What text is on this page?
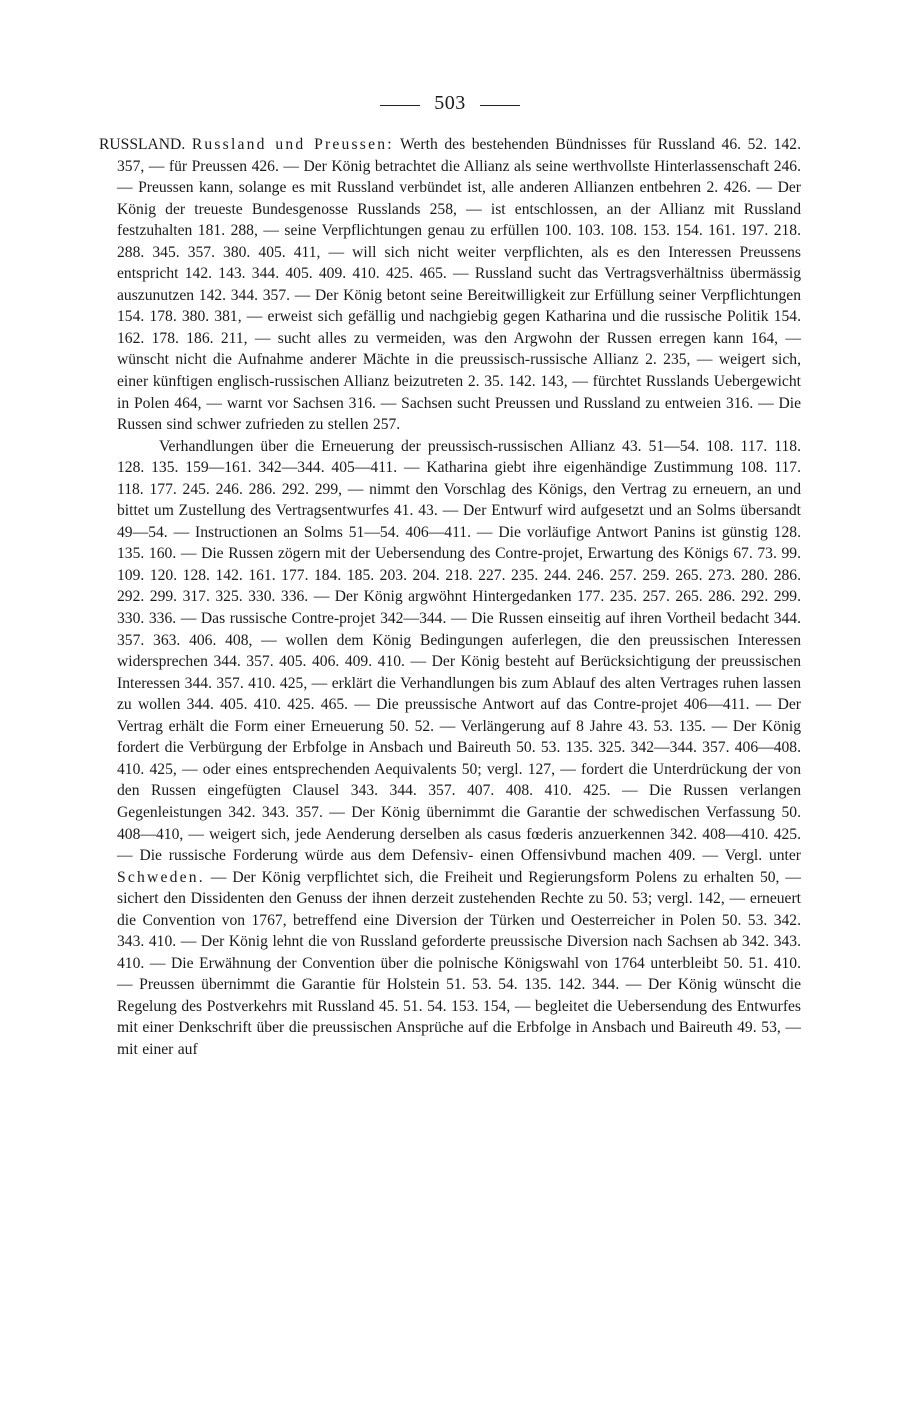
503

RUSSLAND. Russland und Preussen: Werth des bestehenden Bündnisses für Russland 46. 52. 142. 357, — für Preussen 426. — Der König betrachtet die Allianz als seine werthvollste Hinterlassenschaft 246. — Preussen kann, solange es mit Russland verbündet ist, alle anderen Allianzen entbehren 2. 426. — Der König der treueste Bundesgenosse Russlands 258, — ist entschlossen, an der Allianz mit Russland festzuhalten 181. 288, — seine Verpflichtungen genau zu erfüllen 100. 103. 108. 153. 154. 161. 197. 218. 288. 345. 357. 380. 405. 411, — will sich nicht weiter verpflichten, als es den Interessen Preussens entspricht 142. 143. 344. 405. 409. 410. 425. 465. — Russland sucht das Vertragsverhältniss übermässig auszunutzen 142. 344. 357. — Der König betont seine Bereitwilligkeit zur Erfüllung seiner Verpflichtungen 154. 178. 380. 381, — erweist sich gefällig und nachgiebig gegen Katharina und die russische Politik 154. 162. 178. 186. 211, — sucht alles zu vermeiden, was den Argwohn der Russen erregen kann 164, — wünscht nicht die Aufnahme anderer Mächte in die preussisch-russische Allianz 2. 235, — weigert sich, einer künftigen englisch-russischen Allianz beizutreten 2. 35. 142. 143, — fürchtet Russlands Uebergewicht in Polen 464, — warnt vor Sachsen 316. — Sachsen sucht Preussen und Russland zu entweien 316. — Die Russen sind schwer zufrieden zu stellen 257.

Verhandlungen über die Erneuerung der preussisch-russischen Allianz 43. 51—54. 108. 117. 118. 128. 135. 159—161. 342—344. 405—411. — Katharina giebt ihre eigenhändige Zustimmung 108. 117. 118. 177. 245. 246. 286. 292. 299, — nimmt den Vorschlag des Königs, den Vertrag zu erneuern, an und bittet um Zustellung des Vertragsentwurfes 41. 43. — Der Entwurf wird aufgesetzt und an Solms übersandt 49—54. — Instructionen an Solms 51—54. 406—411. — Die vorläufige Antwort Panins ist günstig 128. 135. 160. — Die Russen zögern mit der Uebersendung des Contre-projet, Erwartung des Königs 67. 73. 99. 109. 120. 128. 142. 161. 177. 184. 185. 203. 204. 218. 227. 235. 244. 246. 257. 259. 265. 273. 280. 286. 292. 299. 317. 325. 330. 336. — Der König argwöhnt Hintergedanken 177. 235. 257. 265. 286. 292. 299. 330. 336. — Das russische Contre-projet 342—344. — Die Russen einseitig auf ihren Vortheil bedacht 344. 357. 363. 406. 408, — wollen dem König Bedingungen auferlegen, die den preussischen Interessen widersprechen 344. 357. 405. 406. 409. 410. — Der König besteht auf Berücksichtigung der preussischen Interessen 344. 357. 410. 425, — erklärt die Verhandlungen bis zum Ablauf des alten Vertrages ruhen lassen zu wollen 344. 405. 410. 425. 465. — Die preussische Antwort auf das Contre-projet 406—411. — Der Vertrag erhält die Form einer Erneuerung 50. 52. — Verlängerung auf 8 Jahre 43. 53. 135. — Der König fordert die Verbürgung der Erbfolge in Ansbach und Baireuth 50. 53. 135. 325. 342—344. 357. 406—408. 410. 425, — oder eines entsprechenden Aequivalents 50; vergl. 127, — fordert die Unterdrückung der von den Russen eingefügten Clausel 343. 344. 357. 407. 408. 410. 425. — Die Russen verlangen Gegenleistungen 342. 343. 357. — Der König übernimmt die Garantie der schwedischen Verfassung 50. 408—410, — weigert sich, jede Aenderung derselben als casus fœderis anzuerkennen 342. 408—410. 425. — Die russische Forderung würde aus dem Defensiv- einen Offensivbund machen 409. — Vergl. unter Schweden. — Der König verpflichtet sich, die Freiheit und Regierungsform Polens zu erhalten 50, — sichert den Dissidenten den Genuss der ihnen derzeit zustehenden Rechte zu 50. 53; vergl. 142, — erneuert die Convention von 1767, betreffend eine Diversion der Türken und Oesterreicher in Polen 50. 53. 342. 343. 410. — Der König lehnt die von Russland geforderte preussische Diversion nach Sachsen ab 342. 343. 410. — Die Erwähnung der Convention über die polnische Königswahl von 1764 unterbleibt 50. 51. 410. — Preussen übernimmt die Garantie für Holstein 51. 53. 54. 135. 142. 344. — Der König wünscht die Regelung des Postverkehrs mit Russland 45. 51. 54. 153. 154, — begleitet die Uebersendung des Entwurfes mit einer Denkschrift über die preussischen Ansprüche auf die Erbfolge in Ansbach und Baireuth 49. 53, — mit einer auf
